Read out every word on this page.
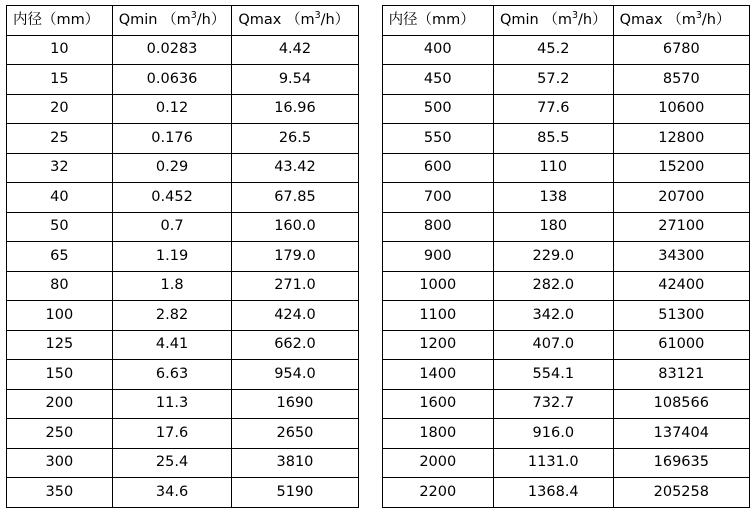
内径（mm）	Qmin $(m^3/h)$	Qmax $(m^3/h)$
10	0.0283	4.42
15	0.0636	9.54
20	0.12	16.96
25	0.176	26.5
32	0.29	43.42
40	0.452	67.85
50	0.7	160.0
65	1.19	179.0
80	1.8	271.0
100	2.82	424.0
125	4.41	662.0
150	6.63	954.0
200	11.3	1690
250	17.6	2650
300	25.4	3810
350	34.6	5190
内径（mm）	Qmin $(m^3/h)$	Qmax $(m^3/h)$
400	45.2	6780
450	57.2	8570
500	77.6	10600
550	85.5	12800
600	110	15200
700	138	20700
800	180	27100
900	229.0	34300
1000	282.0	42400
1100	342.0	51300
1200	407.0	61000
1400	554.1	83121
1600	732.7	108566
1800	916.0	137404
2000	1131.0	169635
2200	1368.4	205258
